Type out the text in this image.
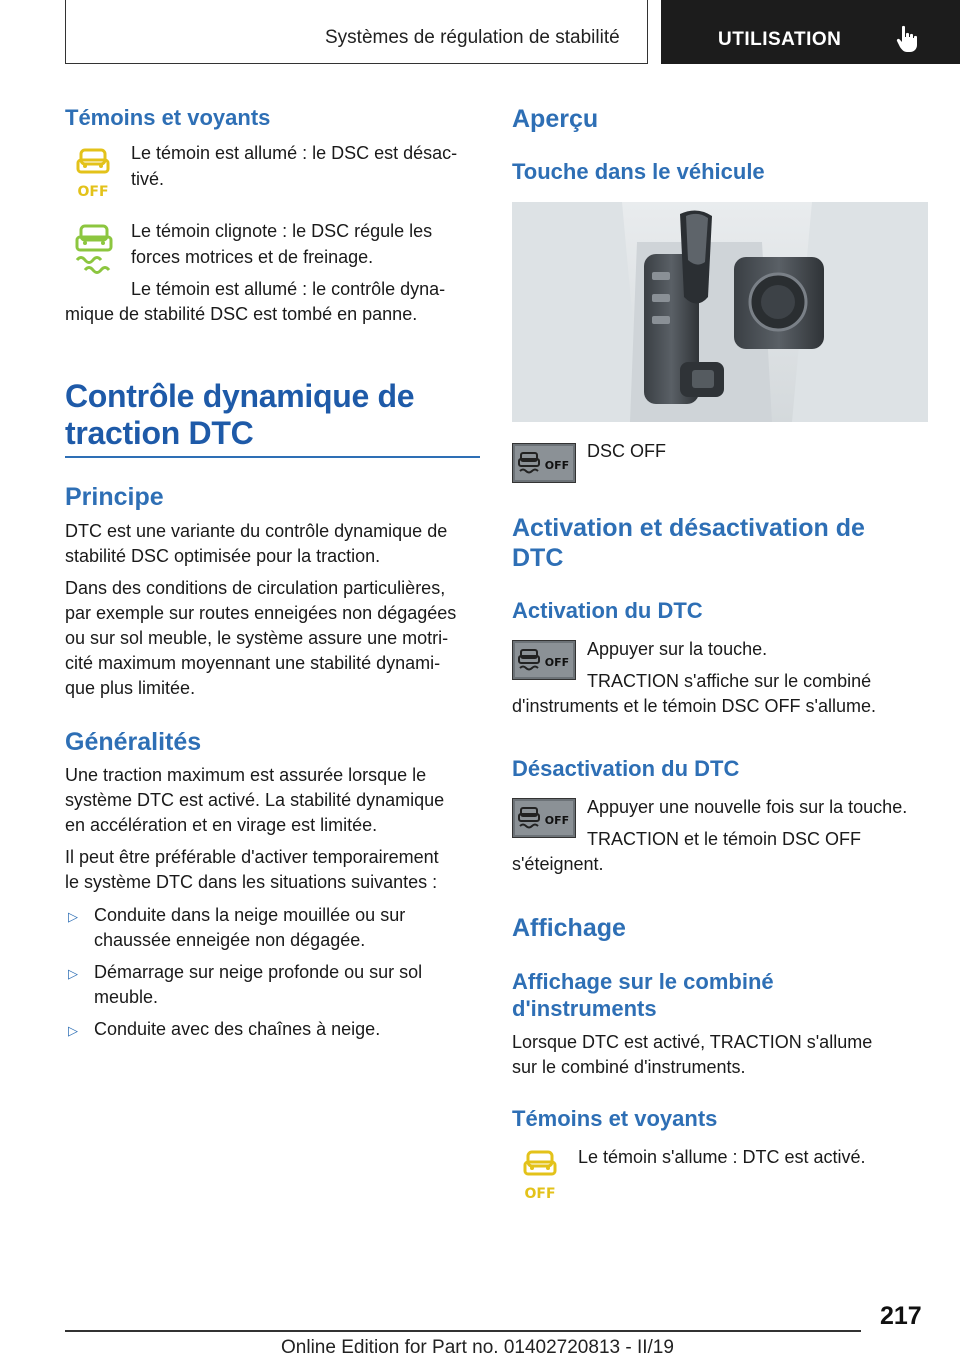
Systèmes de régulation de stabilité	UTILISATION
Témoins et voyants
OFF
Le témoin est allumé : le DSC est désac‐
tivé.
Le témoin clignote : le DSC régule les
forces motrices et de freinage.
Le témoin est allumé : le contrôle dyna‐
mique de stabilité DSC est tombé en panne.
Contrôle dynamique de
traction DTC
Principe
DTC est une variante du contrôle dynamique de
stabilité DSC optimisée pour la traction.
Dans des conditions de circulation particulières,
par exemple sur routes enneigées non dégagées
ou sur sol meuble, le système assure une motri‐
cité maximum moyennant une stabilité dynami‐
que plus limitée.
Généralités
Une traction maximum est assurée lorsque le
système DTC est activé. La stabilité dynamique
en accélération et en virage est limitée.
Il peut être préférable d'activer temporairement
le système DTC dans les situations suivantes :
▷ Conduite dans la neige mouillée ou sur
chaussée enneigée non dégagée.
▷ Démarrage sur neige profonde ou sur sol
meuble.
▷ Conduite avec des chaînes à neige.
Aperçu
Touche dans le véhicule
OFF
DSC OFF
Activation et désactivation de
DTC
Activation du DTC
OFF
Appuyer sur la touche.
TRACTION s'affiche sur le combiné
d'instruments et le témoin DSC OFF s'allume.
Désactivation du DTC
OFF
Appuyer une nouvelle fois sur la touche.
TRACTION et le témoin DSC OFF
s'éteignent.
Affichage
Affichage sur le combiné
d'instruments
Lorsque DTC est activé, TRACTION s'allume
sur le combiné d'instruments.
Témoins et voyants
OFF
Le témoin s'allume : DTC est activé.
217
Online Edition for Part no. 01402720813 - II/19
